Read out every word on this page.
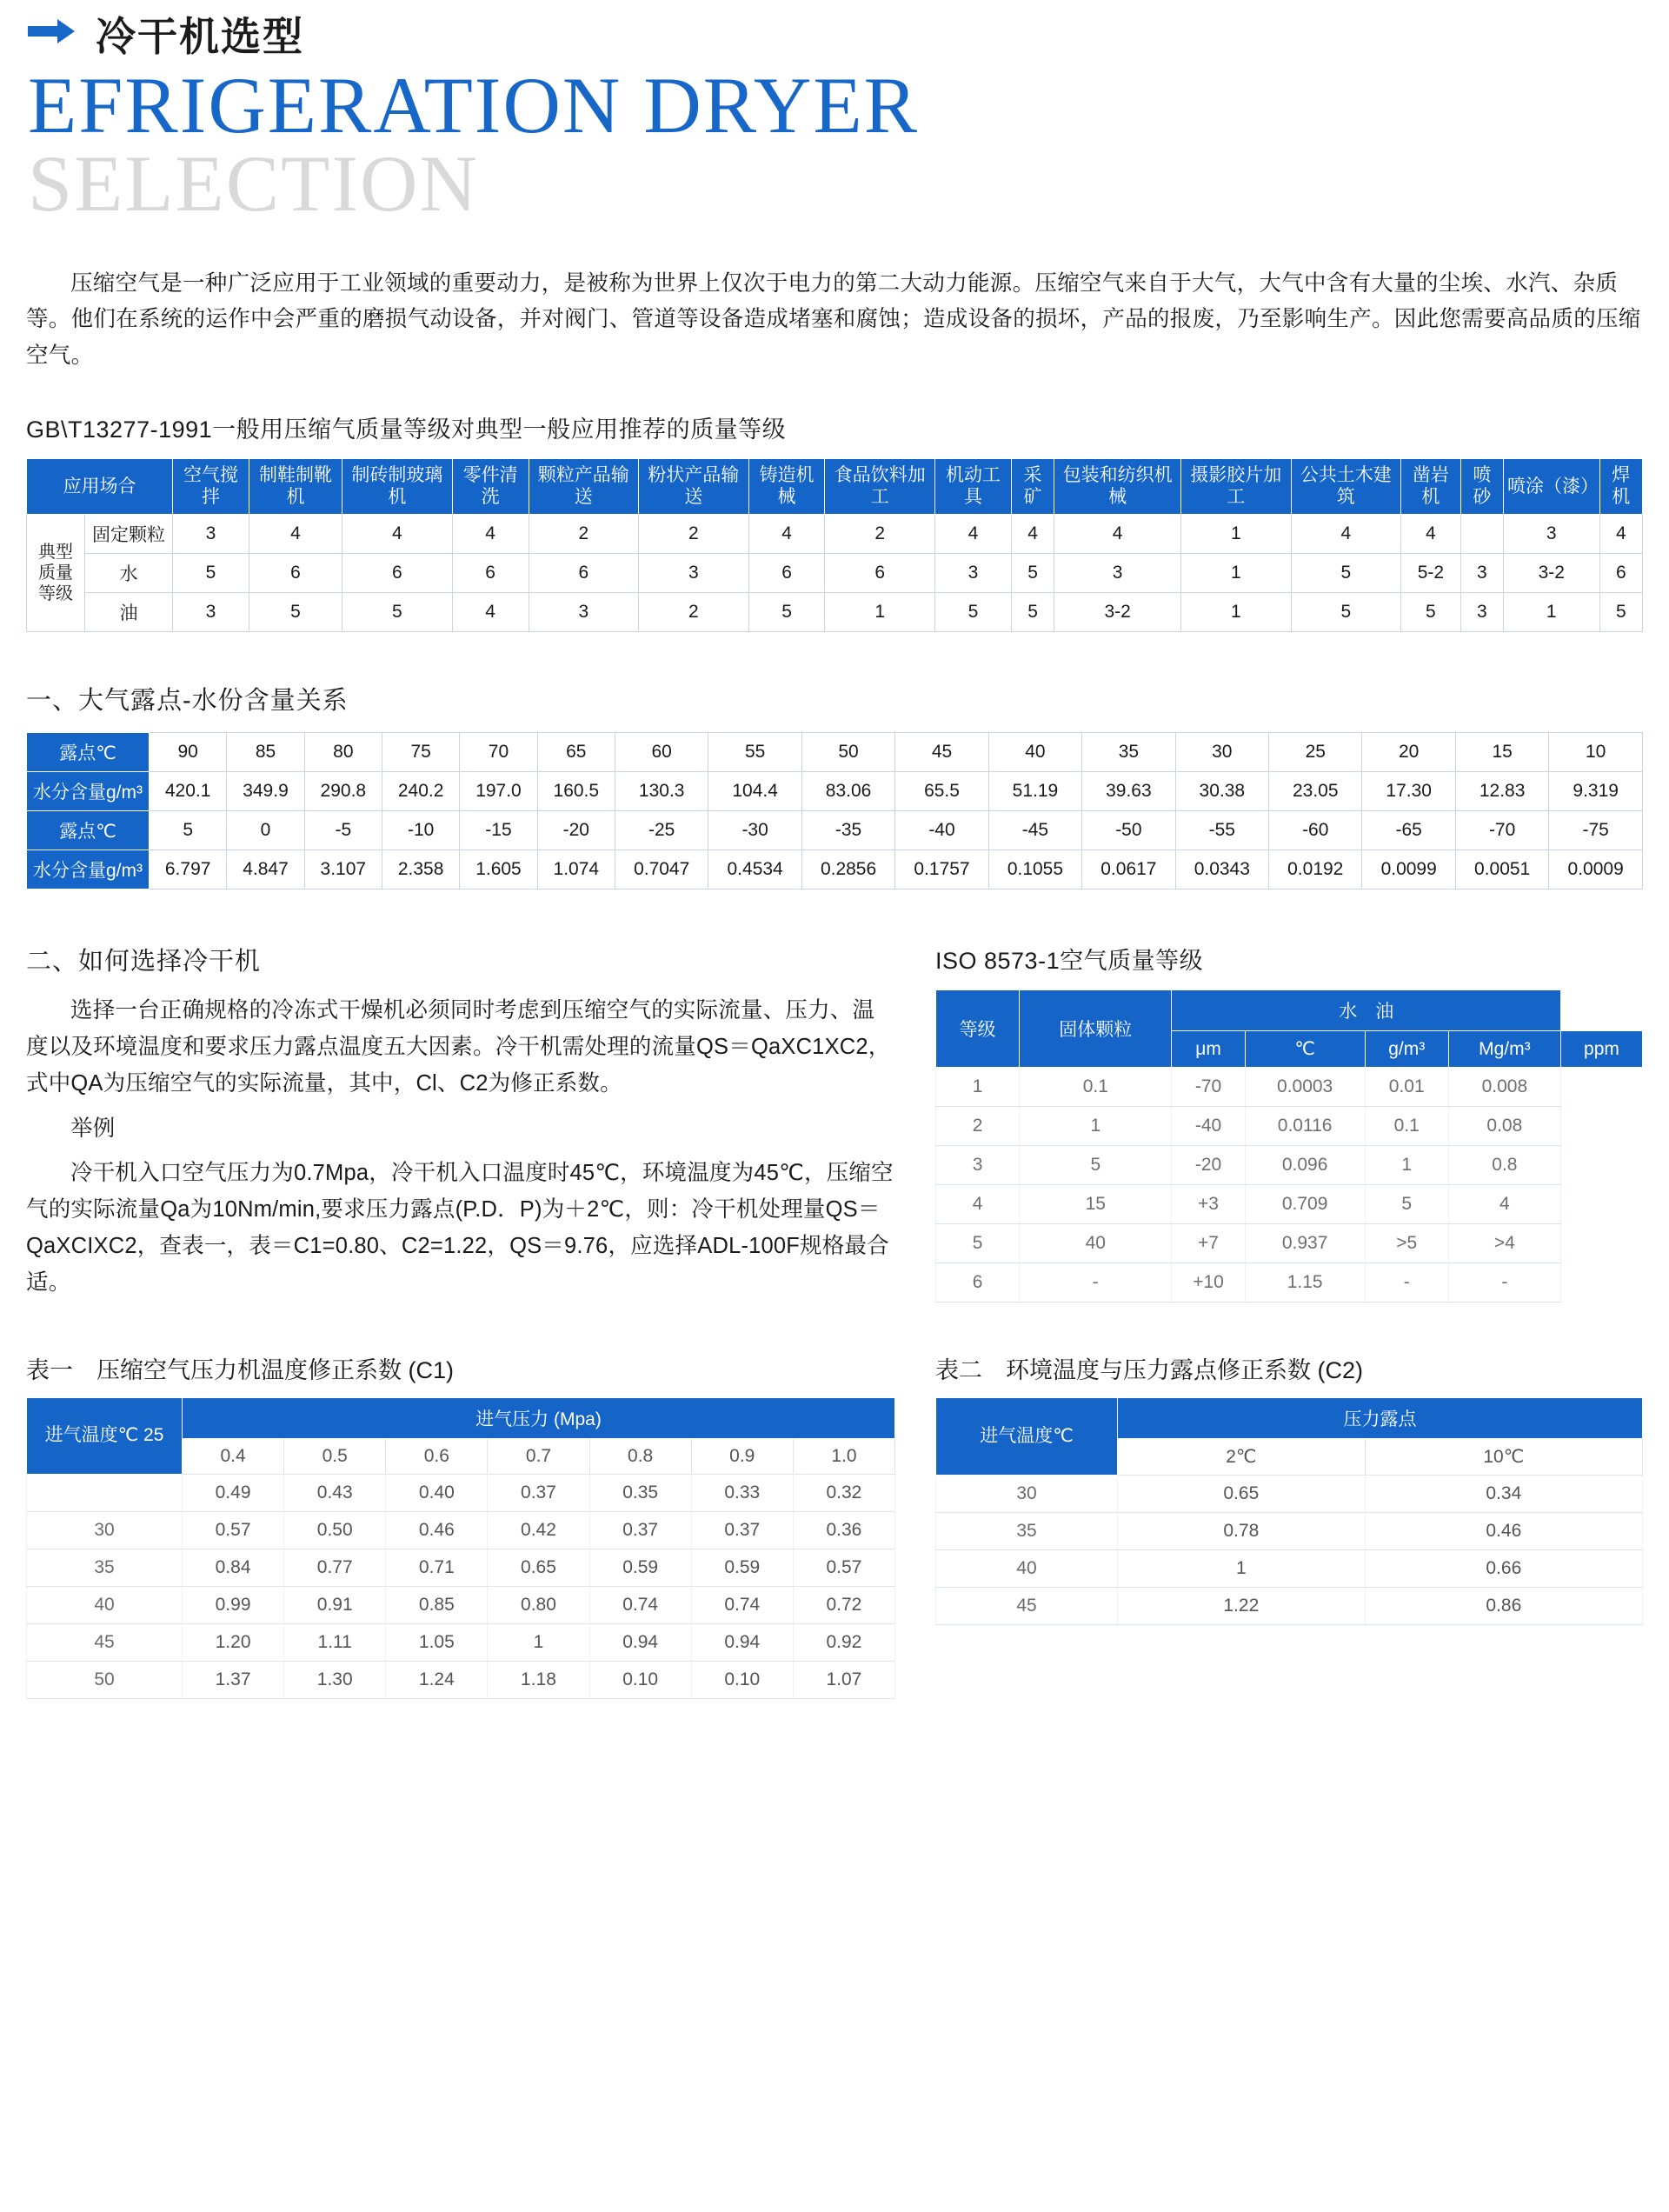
冷干机选型
EFRIGERATION DRYER
SELECTION

压缩空气是一种广泛应用于工业领域的重要动力，是被称为世界上仅次于电力的第二大动力能源。压缩空气来自于大气，大气中含有大量的尘埃、水汽、杂质等。他们在系统的运作中会严重的磨损气动设备，并对阀门、管道等设备造成堵塞和腐蚀；造成设备的损坏，产品的报废，乃至影响生产。因此您需要高品质的压缩空气。

GB\T13277-1991一般用压缩气质量等级对典型一般应用推荐的质量等级
应用场合		空气搅拌	制鞋制靴机	制砖制玻璃机	零件清洗	颗粒产品输送	粉状产品输送	铸造机械	食品饮料加工	机动工具	采矿	包装和纺织机械	摄影胶片加工	公共土木建筑	凿岩机	喷砂	喷涂（漆）	焊机
典型质量等级	固定颗粒	3	4	4	4	2	2	4	2	4	4	4	1	4	4		3	4
	水	5	6	6	6	6	3	6	6	3	5	3	1	5	5-2	3	3-2	6
	油	3	5	5	4	3	2	5	1	5	5	3-2	1	5	5	3	1	5
一、大气露点-水份含量关系
露点℃	90	85	80	75	70	65	60	55	50	45	40	35	30	25	20	15	10
水分含量g/m³	420.1	349.9	290.8	240.2	197.0	160.5	130.3	104.4	83.06	65.5	51.19	39.63	30.38	23.05	17.30	12.83	9.319
露点℃	5	0	-5	-10	-15	-20	-25	-30	-35	-40	-45	-50	-55	-60	-65	-70	-75
水分含量g/m³	6.797	4.847	3.107	2.358	1.605	1.074	0.7047	0.4534	0.2856	0.1757	0.1055	0.0617	0.0343	0.0192	0.0099	0.0051	0.0009
二、如何选择冷干机

选择一台正确规格的冷冻式干燥机必须同时考虑到压缩空气的实际流量、压力、温度以及环境温度和要求压力露点温度五大因素。冷干机需处理的流量QS＝QaXC1XC2，式中QA为压缩空气的实际流量，其中，Cl、C2为修正系数。

举例

冷干机入口空气压力为0.7Mpa，冷干机入口温度时45℃，环境温度为45℃，压缩空气的实际流量Qa为10Nm/min,要求压力露点(P.D．P)为＋2℃，则：冷干机处理量QS＝QaXCIXC2，查表一，表＝C1=0.80、C2=1.22，QS＝9.76，应选择ADL-100F规格最合适。

ISO 8573-1空气质量等级
等级	固体颗粒	水　油				
		μm	℃	g/m³	Mg/m³	ppm
1	0.1	-70	0.0003	0.01	0.008	
2	1	-40	0.0116	0.1	0.08	
3	5	-20	0.096	1	0.8	
4	15	+3	0.709	5	4	
5	40	+7	0.937	>5	>4	
6	-	+10	1.15	-	-	
表一　压缩空气压力机温度修正系数 (C1)
进气温度℃ 25	进气压力 (Mpa)						
	0.4	0.5	0.6	0.7	0.8	0.9	1.0
	0.49	0.43	0.40	0.37	0.35	0.33	0.32
30	0.57	0.50	0.46	0.42	0.37	0.37	0.36
35	0.84	0.77	0.71	0.65	0.59	0.59	0.57
40	0.99	0.91	0.85	0.80	0.74	0.74	0.72
45	1.20	1.11	1.05	1	0.94	0.94	0.92
50	1.37	1.30	1.24	1.18	0.10	0.10	1.07
表二　环境温度与压力露点修正系数 (C2)
进气温度℃	压力露点	
	2℃	10℃
30	0.65	0.34
35	0.78	0.46
40	1	0.66
45	1.22	0.86
